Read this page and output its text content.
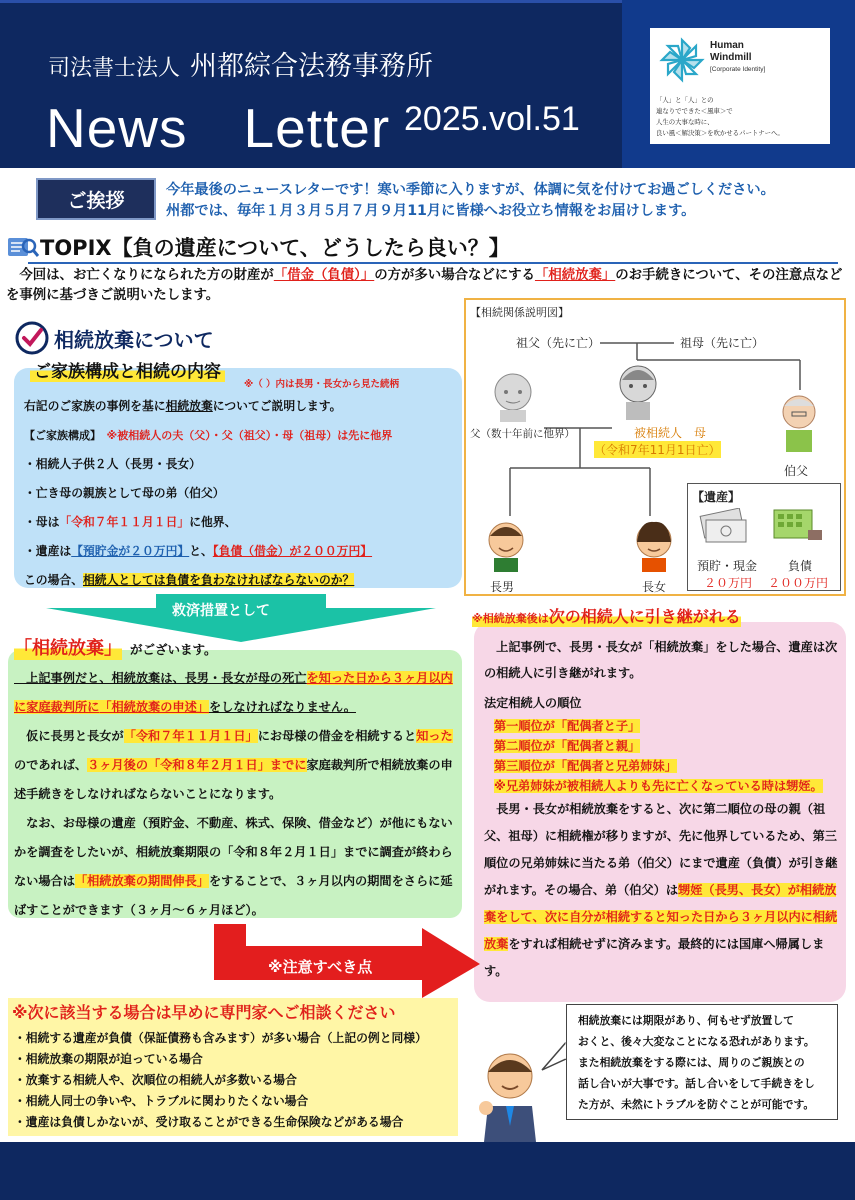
司法書士法人 州都綜合法務事務所
News　Letter 2025.vol.51
Human
Windmill
[Corporate Identity]
「人」と「人」との
連なりでできた＜風車＞で
人生の大事な時に、
良い風＜解決策＞を吹かせるパートナーへ。
ご挨拶	今年最後のニュースレターです！寒い季節に入りますが、体調に気を付けてお過ごしください。
州都では、毎年１月３月５月７月９月11月に皆様へお役立ち情報をお届けします。
TOPIX【負の遺産について、どうしたら良い？】
　今回は、お亡くなりになられた方の財産が「借金（負債）」の方が多い場合などにする「相続放棄」のお手続きについて、その注意点などを事例に基づきご説明いたします。
相続放棄について
ご家族構成と相続の内容
※（ ）内は長男・長女から見た続柄
右記のご家族の事例を基に相続放棄についてご説明します。
【ご家族構成】　 ※被相続人の夫（父）・父（祖父）・母（祖母）は先に他界
・相続人子供２人（長男・長女）
・亡き母の親族として母の弟（伯父）
・母は「令和７年１１月１日」に他界、
・遺産は【預貯金が２０万円】と、【負債（借金）が２００万円】
この場合、相続人としては負債を負わなければならないのか？
【相続関係説明図】
祖父（先に亡）	祖母（先に亡）
父（数十年前に他界）	被相続人　母
（令和7年11月1日亡）
伯父
長男	長女
【遺産】
預貯・現金
２０万円
負債
２００万円
救済措置として
「相続放棄」 がございます。
　上記事例だと、相続放棄は、長男・長女が母の死亡を知った日から３ヶ月以内に家庭裁判所に「相続放棄の申述」をしなければなりません。
　仮に長男と長女が「令和７年１１月１日」にお母様の借金を相続すると知ったのであれば、３ヶ月後の「令和８年２月１日」までに家庭裁判所で相続放棄の申述手続きをしなければならないことになります。
　なお、お母様の遺産（預貯金、不動産、株式、保険、借金など）が他にもないかを調査をしたいが、相続放棄期限の「令和８年２月１日」までに調査が終わらない場合は「相続放棄の期間伸長」をすることで、３ヶ月以内の期間をさらに延ばすことができます（３ヶ月～６ヶ月ほど）。
※相続放棄後は次の相続人に引き継がれる
　上記事例で、長男・長女が「相続放棄」をした場合、遺産は次の相続人に引き継がれます。
法定相続人の順位
第一順位が「配偶者と子」
第二順位が「配偶者と親」
第三順位が「配偶者と兄弟姉妹」
※兄弟姉妹が被相続人よりも先に亡くなっている時は甥姪。
　長男・長女が相続放棄をすると、次に第二順位の母の親（祖父、祖母）に相続権が移りますが、先に他界しているため、第三順位の兄弟姉妹に当たる弟（伯父）にまで遺産（負債）が引き継がれます。その場合、弟（伯父）は甥姪（長男、長女）が相続放棄をして、次に自分が相続すると知った日から３ヶ月以内に相続放棄をすれば相続せずに済みます。最終的には国庫へ帰属します。
※注意すべき点
※次に該当する場合は早めに専門家へご相談ください
・相続する遺産が負債（保証債務も含みます）が多い場合（上記の例と同様）
・相続放棄の期限が迫っている場合
・放棄する相続人や、次順位の相続人が多数いる場合
・相続人同士の争いや、トラブルに関わりたくない場合
・遺産は負債しかないが、受け取ることができる生命保険などがある場合
相続放棄には期限があり、何もせず放置して
おくと、後々大変なことになる恐れがあります。
また相続放棄をする際には、周りのご親族との
話し合いが大事です。話し合いをして手続きをし
た方が、未然にトラブルを防ぐことが可能です。
